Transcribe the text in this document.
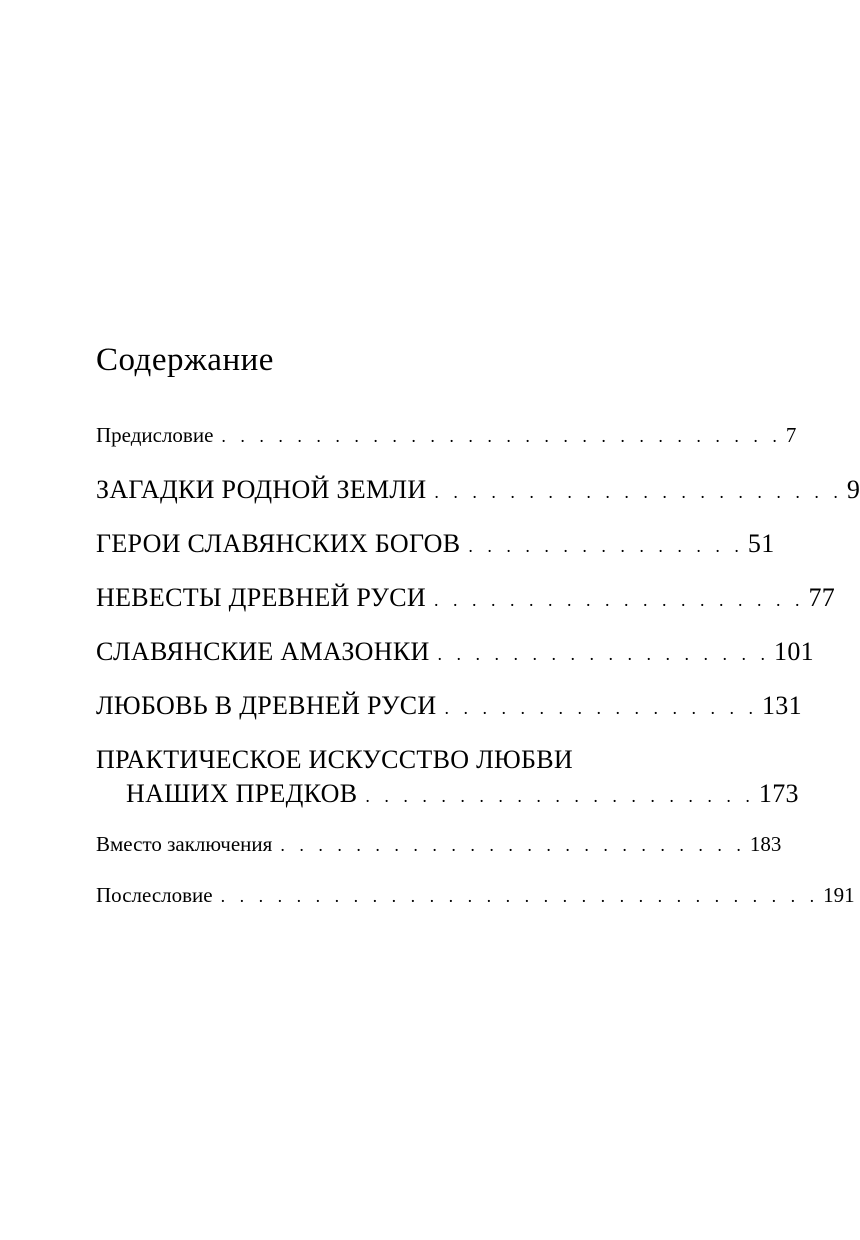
Содержание
Предисловие . . . . . . . . . . . . . . . . . . . . . . . . . . . . . . 7
ЗАГАДКИ РОДНОЙ ЗЕМЛИ . . . . . . . . . . . . . . . . . . . . . . 9
ГЕРОИ СЛАВЯНСКИХ БОГОВ . . . . . . . . . . . . . . . 51
НЕВЕСТЫ ДРЕВНЕЙ РУСИ . . . . . . . . . . . . . . . . . . . . 77
СЛАВЯНСКИЕ АМАЗОНКИ . . . . . . . . . . . . . . . . . . 101
ЛЮБОВЬ В ДРЕВНЕЙ РУСИ . . . . . . . . . . . . . . . . . 131
ПРАКТИЧЕСКОЕ ИСКУССТВО ЛЮБВИ
НАШИХ ПРЕДКОВ . . . . . . . . . . . . . . . . . . . . . 173
Вместо заключения . . . . . . . . . . . . . . . . . . . . . . . . . 183
Послесловие . . . . . . . . . . . . . . . . . . . . . . . . . . . . . . . . 191
